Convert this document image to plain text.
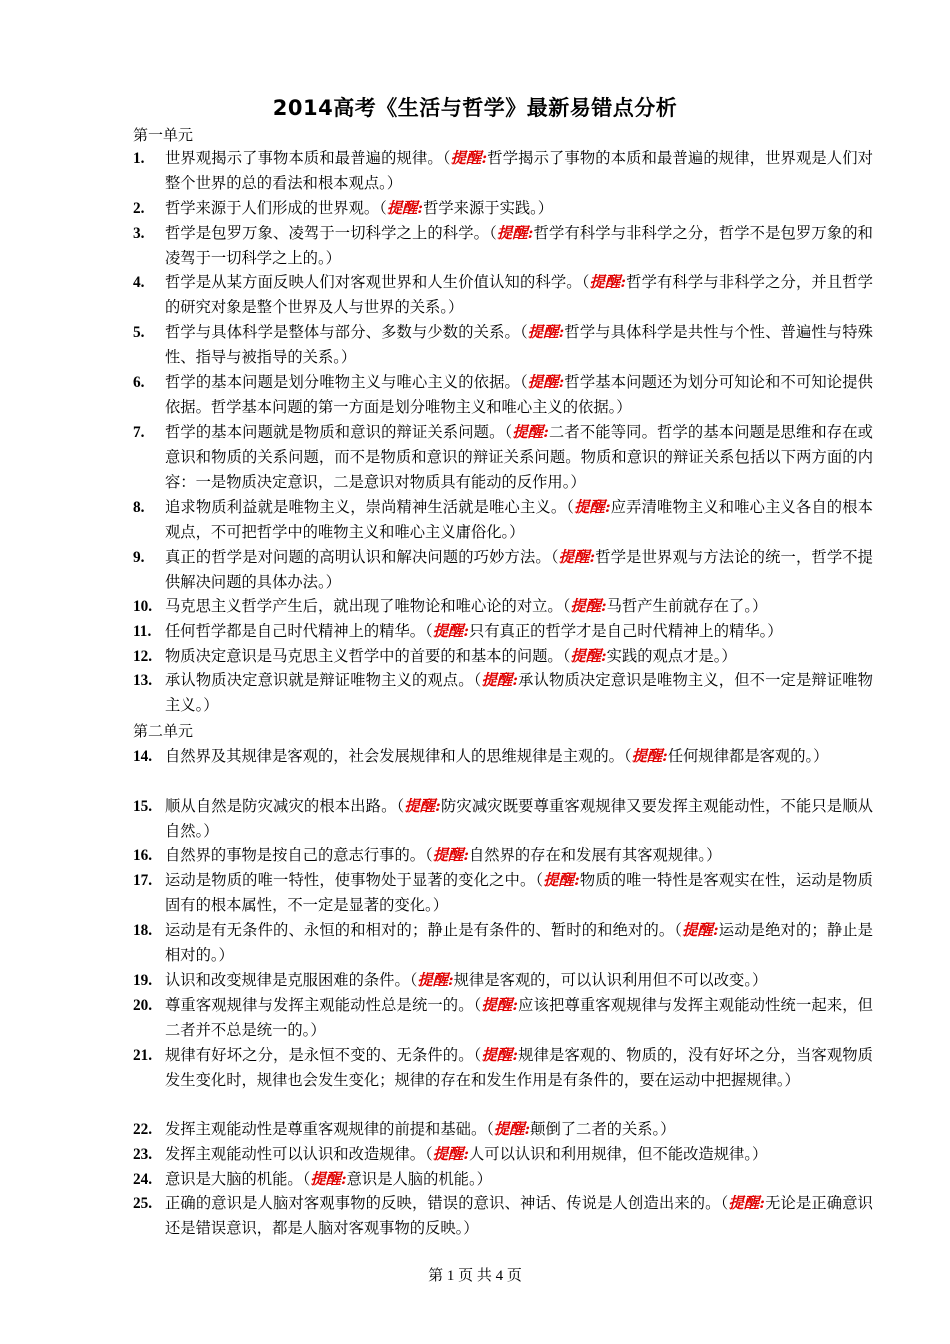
2014高考《生活与哲学》最新易错点分析
第一单元
第二单元
1.	世界观揭示了事物本质和最普遍的规律。（提醒:哲学揭示了事物的本质和最普遍的规律，世界观是人们对整个世界的总的看法和根本观点。）
2.	哲学来源于人们形成的世界观。（提醒:哲学来源于实践。）
3.	哲学是包罗万象、凌驾于一切科学之上的科学。（提醒:哲学有科学与非科学之分，哲学不是包罗万象的和凌驾于一切科学之上的。）
4.	哲学是从某方面反映人们对客观世界和人生价值认知的科学。（提醒:哲学有科学与非科学之分，并且哲学的研究对象是整个世界及人与世界的关系。）
5.	哲学与具体科学是整体与部分、多数与少数的关系。（提醒:哲学与具体科学是共性与个性、普遍性与特殊性、指导与被指导的关系。）
6.	哲学的基本问题是划分唯物主义与唯心主义的依据。（提醒:哲学基本问题还为划分可知论和不可知论提供依据。哲学基本问题的第一方面是划分唯物主义和唯心主义的依据。）
7.	哲学的基本问题就是物质和意识的辩证关系问题。（提醒:二者不能等同。哲学的基本问题是思维和存在或意识和物质的关系问题，而不是物质和意识的辩证关系问题。物质和意识的辩证关系包括以下两方面的内容：一是物质决定意识，二是意识对物质具有能动的反作用。）
8.	追求物质利益就是唯物主义，崇尚精神生活就是唯心主义。（提醒:应弄清唯物主义和唯心主义各自的根本观点，不可把哲学中的唯物主义和唯心主义庸俗化。）
9.	真正的哲学是对问题的高明认识和解决问题的巧妙方法。（提醒:哲学是世界观与方法论的统一，哲学不提供解决问题的具体办法。）
10. 马克思主义哲学产生后，就出现了唯物论和唯心论的对立。（提醒:马哲产生前就存在了。）
11. 任何哲学都是自己时代精神上的精华。（提醒:只有真正的哲学才是自己时代精神上的精华。）
12. 物质决定意识是马克思主义哲学中的首要的和基本的问题。（提醒:实践的观点才是。）
13. 承认物质决定意识就是辩证唯物主义的观点。（提醒:承认物质决定意识是唯物主义，但不一定是辩证唯物主义。）
14. 自然界及其规律是客观的，社会发展规律和人的思维规律是主观的。（提醒:任何规律都是客观的。）
15. 顺从自然是防灾减灾的根本出路。（提醒:防灾减灾既要尊重客观规律又要发挥主观能动性，不能只是顺从自然。）
16. 自然界的事物是按自己的意志行事的。（提醒:自然界的存在和发展有其客观规律。）
17. 运动是物质的唯一特性，使事物处于显著的变化之中。（提醒:物质的唯一特性是客观实在性，运动是物质固有的根本属性，不一定是显著的变化。）
18. 运动是有无条件的、永恒的和相对的；静止是有条件的、暂时的和绝对的。（提醒:运动是绝对的；静止是相对的。）
19. 认识和改变规律是克服困难的条件。（提醒:规律是客观的，可以认识利用但不可以改变。）
20. 尊重客观规律与发挥主观能动性总是统一的。（提醒:应该把尊重客观规律与发挥主观能动性统一起来，但二者并不总是统一的。）
21. 规律有好坏之分，是永恒不变的、无条件的。（提醒:规律是客观的、物质的，没有好坏之分，当客观物质发生变化时，规律也会发生变化；规律的存在和发生作用是有条件的，要在运动中把握规律。）
22. 发挥主观能动性是尊重客观规律的前提和基础。（提醒:颠倒了二者的关系。）
23. 发挥主观能动性可以认识和改造规律。（提醒:人可以认识和利用规律，但不能改造规律。）
24. 意识是大脑的机能。（提醒:意识是人脑的机能。）
25. 正确的意识是人脑对客观事物的反映，错误的意识、神话、传说是人创造出来的。（提醒:无论是正确意识还是错误意识，都是人脑对客观事物的反映。）
第 1 页 共 4 页
